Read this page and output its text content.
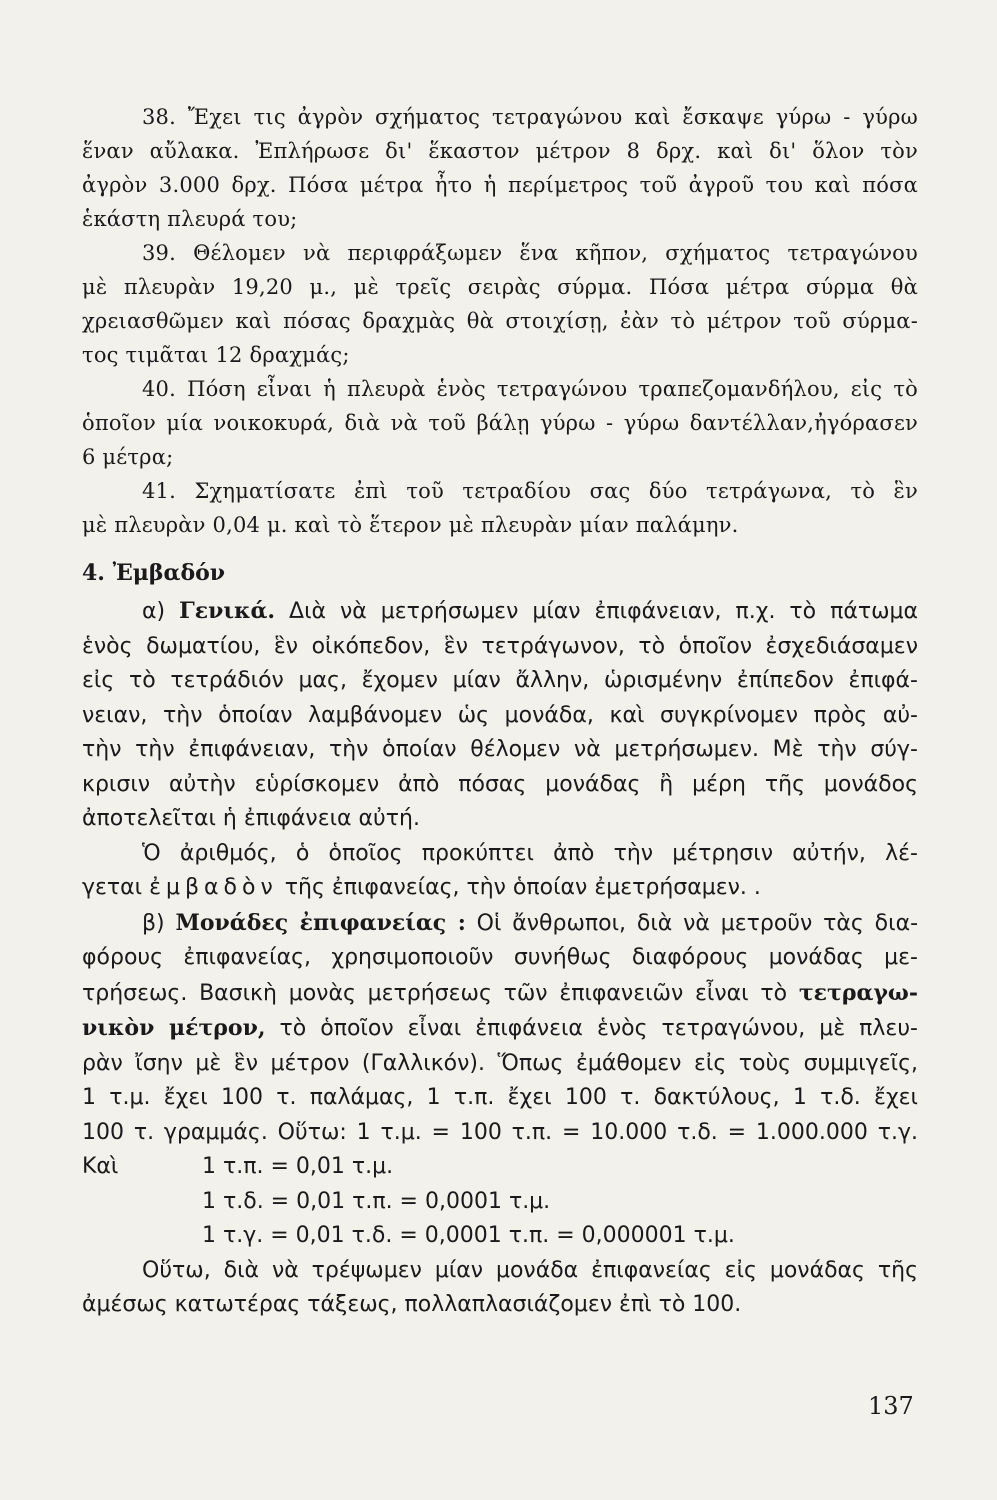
38. Ἔχει τις ἀγρὸν σχήματος τετραγώνου καὶ ἔσκαψε γύρω - γύρω
ἕναν αὔλακα. Ἐπλήρωσε δι' ἕκαστον μέτρον 8 δρχ. καὶ δι' ὅλον τὸν
ἀγρὸν 3.000 δρχ. Πόσα μέτρα ἦτο ἡ περίμετρος τοῦ ἀγροῦ του καὶ πόσα
ἑκάστη πλευρά του;
39. Θέλομεν νὰ περιφράξωμεν ἕνα κῆπον, σχήματος τετραγώνου
μὲ πλευρὰν 19,20 μ., μὲ τρεῖς σειρὰς σύρμα. Πόσα μέτρα σύρμα θὰ
χρειασθῶμεν καὶ πόσας δραχμὰς θὰ στοιχίσῃ, ἐὰν τὸ μέτρον τοῦ σύρμα-
τος τιμᾶται 12 δραχμάς;
40. Πόση εἶναι ἡ πλευρὰ ἑνὸς τετραγώνου τραπεζομανδήλου, εἰς τὸ
ὁποῖον μία νοικοκυρά, διὰ νὰ τοῦ βάλῃ γύρω - γύρω δαντέλλαν,ἠγόρασεν
6 μέτρα;
41. Σχηματίσατε ἐπὶ τοῦ τετραδίου σας δύο τετράγωνα, τὸ ἓν
μὲ πλευρὰν 0,04 μ. καὶ τὸ ἕτερον μὲ πλευρὰν μίαν παλάμην.
4. Ἐμβαδόν
α) Γενικά. Διὰ νὰ μετρήσωμεν μίαν ἐπιφάνειαν, π.χ. τὸ πάτωμα
ἑνὸς δωματίου, ἓν οἰκόπεδον, ἓν τετράγωνον, τὸ ὁποῖον ἐσχεδιάσαμεν
εἰς τὸ τετράδιόν μας, ἔχομεν μίαν ἄλλην, ὡρισμένην ἐπίπεδον ἐπιφά-
νειαν, τὴν ὁποίαν λαμβάνομεν ὡς μονάδα, καὶ συγκρίνομεν πρὸς αὐ-
τὴν τὴν ἐπιφάνειαν, τὴν ὁποίαν θέλομεν νὰ μετρήσωμεν. Μὲ τὴν σύγ-
κρισιν αὐτὴν εὑρίσκομεν ἀπὸ πόσας μονάδας ἢ μέρη τῆς μονάδος
ἀποτελεῖται ἡ ἐπιφάνεια αὐτή.
Ὁ ἀριθμός, ὁ ὁποῖος προκύπτει ἀπὸ τὴν μέτρησιν αὐτήν, λέ-
γεται ἐμβαδὸν τῆς ἐπιφανείας, τὴν ὁποίαν ἐμετρήσαμεν. .
β) Μονάδες ἐπιφανείας : Οἱ ἄνθρωποι, διὰ νὰ μετροῦν τὰς δια-
φόρους ἐπιφανείας, χρησιμοποιοῦν συνήθως διαφόρους μονάδας με-
τρήσεως. Βασικὴ μονὰς μετρήσεως τῶν ἐπιφανειῶν εἶναι τὸ τετραγω-
νικὸν μέτρον, τὸ ὁποῖον εἶναι ἐπιφάνεια ἑνὸς τετραγώνου, μὲ πλευ-
ρὰν ἴσην μὲ ἓν μέτρον (Γαλλικόν). Ὅπως ἐμάθομεν εἰς τοὺς συμμιγεῖς,
1 τ.μ. ἔχει 100 τ. παλάμας, 1 τ.π. ἔχει 100 τ. δακτύλους, 1 τ.δ. ἔχει
100 τ. γραμμάς. Οὕτω: 1 τ.μ. = 100 τ.π. = 10.000 τ.δ. = 1.000.000 τ.γ.
Καὶ	1 τ.π. = 0,01 τ.μ.
1 τ.δ. = 0,01 τ.π. = 0,0001 τ.μ.
1 τ.γ. = 0,01 τ.δ. = 0,0001 τ.π. = 0,000001 τ.μ.
Οὕτω, διὰ νὰ τρέψωμεν μίαν μονάδα ἐπιφανείας εἰς μονάδας τῆς
ἀμέσως κατωτέρας τάξεως, πολλαπλασιάζομεν ἐπὶ τὸ 100.
137
